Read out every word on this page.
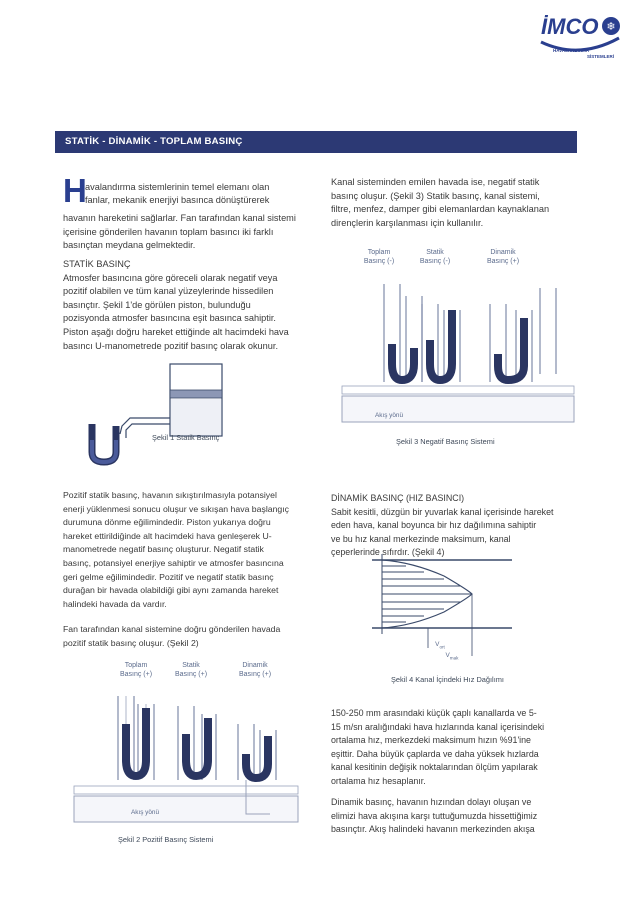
İMCO ❄
HAVALANDIRMA
SİSTEMLERİ
STATİK - DİNAMİK - TOPLAM BASINÇ
H
avalandırma sistemlerinin temel elemanı olan
fanlar, mekanik enerjiyi basınca dönüştürerek
havanın hareketini sağlarlar. Fan tarafından kanal sistemi
içerisine gönderilen havanın toplam basıncı iki farklı
basınçtan meydana gelmektedir.
STATİK BASINÇ
Atmosfer basıncına göre göreceli olarak negatif veya
pozitif olabilen ve tüm kanal yüzeylerinde hissedilen
basınçtır. Şekil 1'de görülen piston, bulunduğu
pozisyonda atmosfer basıncına eşit basınca sahiptir.
Piston aşağı doğru hareket ettiğinde alt hacimdeki hava
basıncı U-manometrede pozitif basınç olarak okunur.
Şekil 1 Statik Basınç
Pozitif statik basınç, havanın sıkıştırılmasıyla potansiyel
enerji yüklenmesi sonucu oluşur ve sıkışan hava başlangıç
durumuna dönme eğilimindedir. Piston yukarıya doğru
hareket ettirildiğinde alt hacimdeki hava genleşerek U-
manometrede negatif basınç oluşturur. Negatif statik
basınç, potansiyel enerjiye sahiptir ve atmosfer basıncına
geri gelme eğilimindedir. Pozitif ve negatif statik basınç
durağan bir havada olabildiği gibi aynı zamanda hareket
halindeki havada da vardır.
Fan tarafından kanal sistemine doğru gönderilen havada
pozitif statik basınç oluşur. (Şekil 2)
Toplam
Basınç (+)
Statik
Basınç (+)
Dinamik
Basınç (+)
Akış yönü
Şekil 2 Pozitif Basınç Sistemi
Kanal sisteminden emilen havada ise, negatif statik
basınç oluşur. (Şekil 3) Statik basınç, kanal sistemi,
filtre, menfez, damper gibi elemanlardan kaynaklanan
dirençlerin karşılanması için kullanılır.
Toplam
Basınç (-)
Statik
Basınç (-)
Dinamik
Basınç (+)
Akış yönü
Şekil 3 Negatif Basınç Sistemi
DİNAMİK BASINÇ (HIZ BASINCI)
Sabit kesitli, düzgün bir yuvarlak kanal içerisinde hareket
eden hava, kanal boyunca bir hız dağılımına sahiptir
ve bu hız kanal merkezinde maksimum, kanal
çeperlerinde sıfırdır. (Şekil 4)
$V_{ort}$
$V_{mak}$
Şekil 4 Kanal İçindeki Hız Dağılımı
150-250 mm arasındaki küçük çaplı kanallarda ve 5-
15 m/sn aralığındaki hava hızlarında kanal içerisindeki
ortalama hız, merkezdeki maksimum hızın %91'ine
eşittir. Daha büyük çaplarda ve daha yüksek hızlarda
kanal kesitinin değişik noktalarından ölçüm yapılarak
ortalama hız hesaplanır.
Dinamik basınç, havanın hızından dolayı oluşan ve
elimizi hava akışına karşı tuttuğumuzda hissettiğimiz
basınçtır. Akış halindeki havanın merkezinden akışa
